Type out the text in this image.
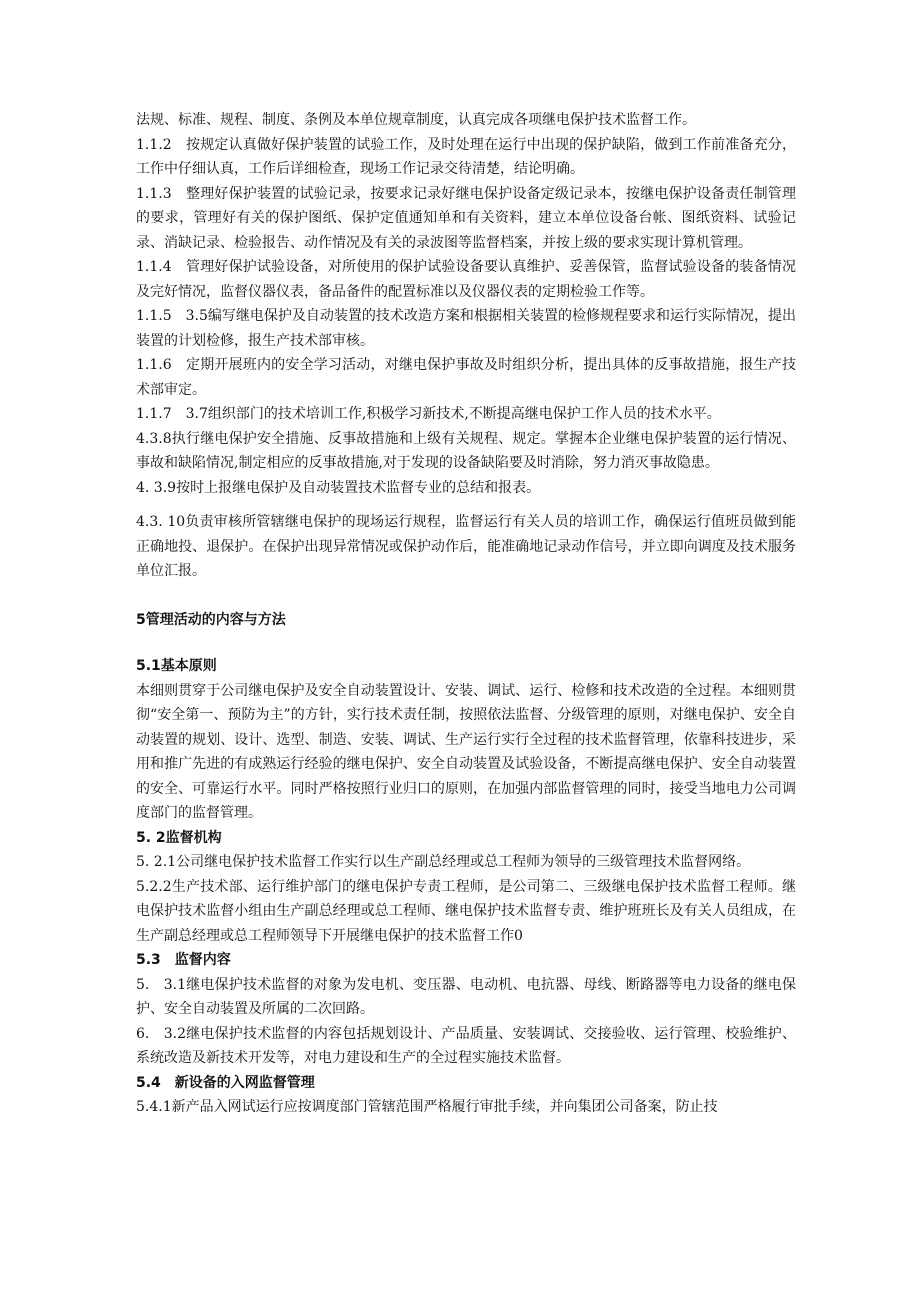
法规、标准、规程、制度、条例及本单位规章制度，认真完成各项继电保护技术监督工作。

1.1.2　按规定认真做好保护装置的试验工作，及时处理在运行中出现的保护缺陷，做到工作前准备充分，工作中仔细认真，工作后详细检查，现场工作记录交待清楚，结论明确。

1.1.3　整理好保护装置的试验记录，按要求记录好继电保护设备定级记录本，按继电保护设备责任制管理的要求，管理好有关的保护图纸、保护定值通知单和有关资料，建立本单位设备台帐、图纸资料、试验记录、消缺记录、检验报告、动作情况及有关的录波图等监督档案，并按上级的要求实现计算机管理。

1.1.4　管理好保护试验设备，对所使用的保护试验设备要认真维护、妥善保管，监督试验设备的装备情况及完好情况，监督仪器仪表，备品备件的配置标准以及仪器仪表的定期检验工作等。

1.1.5　3.5编写继电保护及自动装置的技术改造方案和根据相关装置的检修规程要求和运行实际情况，提出装置的计划检修，报生产技术部审核。

1.1.6　定期开展班内的安全学习活动，对继电保护事故及时组织分析，提出具体的反事故措施，报生产技术部审定。

1.1.7　3.7组织部门的技术培训工作,积极学习新技术,不断提高继电保护工作人员的技术水平。

4.3.8执行继电保护安全措施、反事故措施和上级有关规程、规定。掌握本企业继电保护装置的运行情况、事故和缺陷情况,制定相应的反事故措施,对于发现的设备缺陷要及时消除，努力消灭事故隐患。

4. 3.9按时上报继电保护及自动装置技术监督专业的总结和报表。

4.3. 10负责审核所管辖继电保护的现场运行规程，监督运行有关人员的培训工作，确保运行值班员做到能正确地投、退保护。在保护出现异常情况或保护动作后，能准确地记录动作信号，并立即向调度及技术服务单位汇报。

5管理活动的内容与方法

5.1基本原则

本细则贯穿于公司继电保护及安全自动装置设计、安装、调试、运行、检修和技术改造的全过程。本细则贯彻“安全第一、预防为主”的方针，实行技术责任制，按照依法监督、分级管理的原则，对继电保护、安全自动装置的规划、设计、选型、制造、安装、调试、生产运行实行全过程的技术监督管理，依靠科技进步，采用和推广先进的有成熟运行经验的继电保护、安全自动装置及试验设备，不断提高继电保护、安全自动装置的安全、可靠运行水平。同时严格按照行业归口的原则，在加强内部监督管理的同时，接受当地电力公司调度部门的监督管理。

5. 2监督机构

5. 2.1公司继电保护技术监督工作实行以生产副总经理或总工程师为领导的三级管理技术监督网络。

5.2.2生产技术部、运行维护部门的继电保护专责工程师，是公司第二、三级继电保护技术监督工程师。继电保护技术监督小组由生产副总经理或总工程师、继电保护技术监督专责、维护班班长及有关人员组成，在生产副总经理或总工程师领导下开展继电保护的技术监督工作0

5.3　监督内容

5.　3.1继电保护技术监督的对象为发电机、变压器、电动机、电抗器、母线、断路器等电力设备的继电保护、安全自动装置及所属的二次回路。

6.　3.2继电保护技术监督的内容包括规划设计、产品质量、安装调试、交接验收、运行管理、校验维护、系统改造及新技术开发等，对电力建设和生产的全过程实施技术监督。

5.4　新设备的入网监督管理

5.4.1新产品入网试运行应按调度部门管辖范围严格履行审批手续，并向集团公司备案，防止技
